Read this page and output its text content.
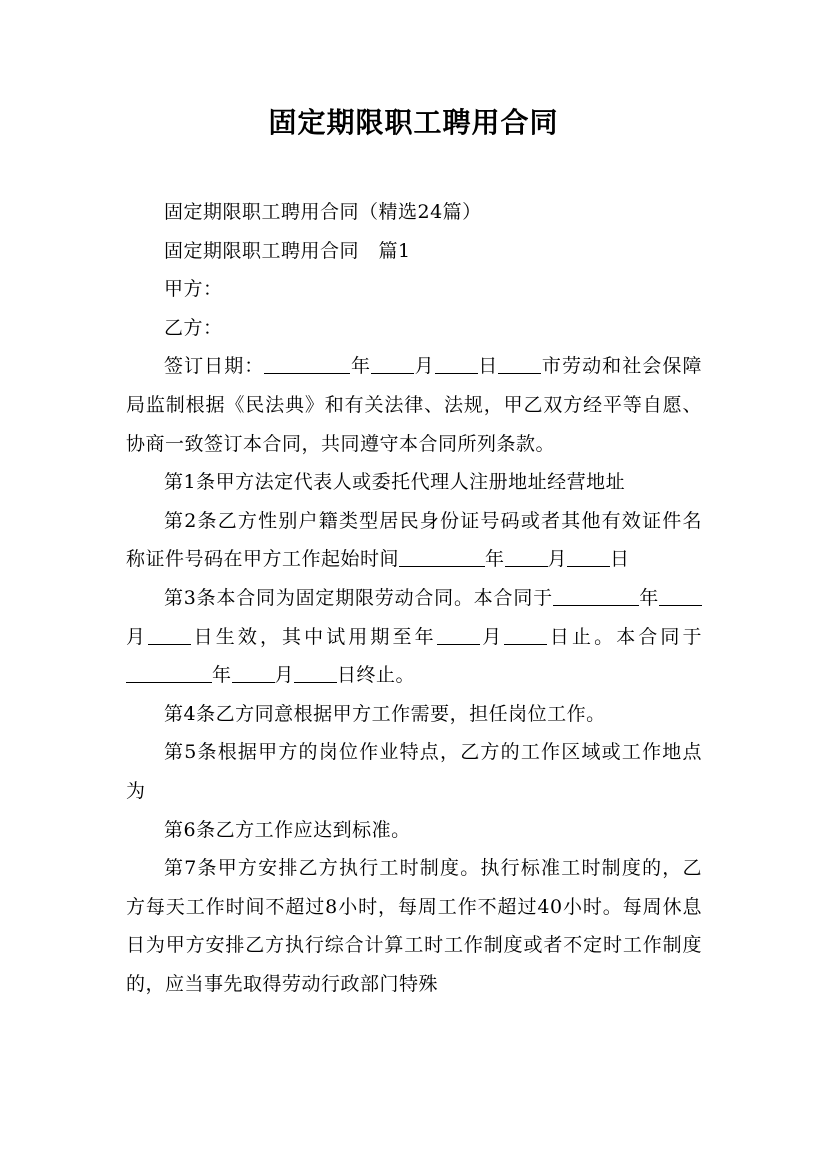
固定期限职工聘用合同

固定期限职工聘用合同（精选24篇）

固定期限职工聘用合同　篇1

甲方：

乙方：

签订日期：	年 月 日 市劳动和社会保障局监制根据《民法典》和有关法律、法规，甲乙双方经平等自愿、协商一致签订本合同，共同遵守本合同所列条款。

第1条甲方法定代表人或委托代理人注册地址经营地址

第2条乙方性别户籍类型居民身份证号码或者其他有效证件名称证件号码在甲方工作起始时间	年 月 日

第3条本合同为固定期限劳动合同。本合同于	年月 日生效，其中试用期至年 月 日止。本合同于年 月 日终止。

第4条乙方同意根据甲方工作需要，担任岗位工作。

第5条根据甲方的岗位作业特点，乙方的工作区域或工作地点为

第6条乙方工作应达到标准。

第7条甲方安排乙方执行工时制度。执行标准工时制度的，乙方每天工作时间不超过8小时，每周工作不超过40小时。每周休息日为甲方安排乙方执行综合计算工时工作制度或者不定时工作制度的，应当事先取得劳动行政部门特殊
